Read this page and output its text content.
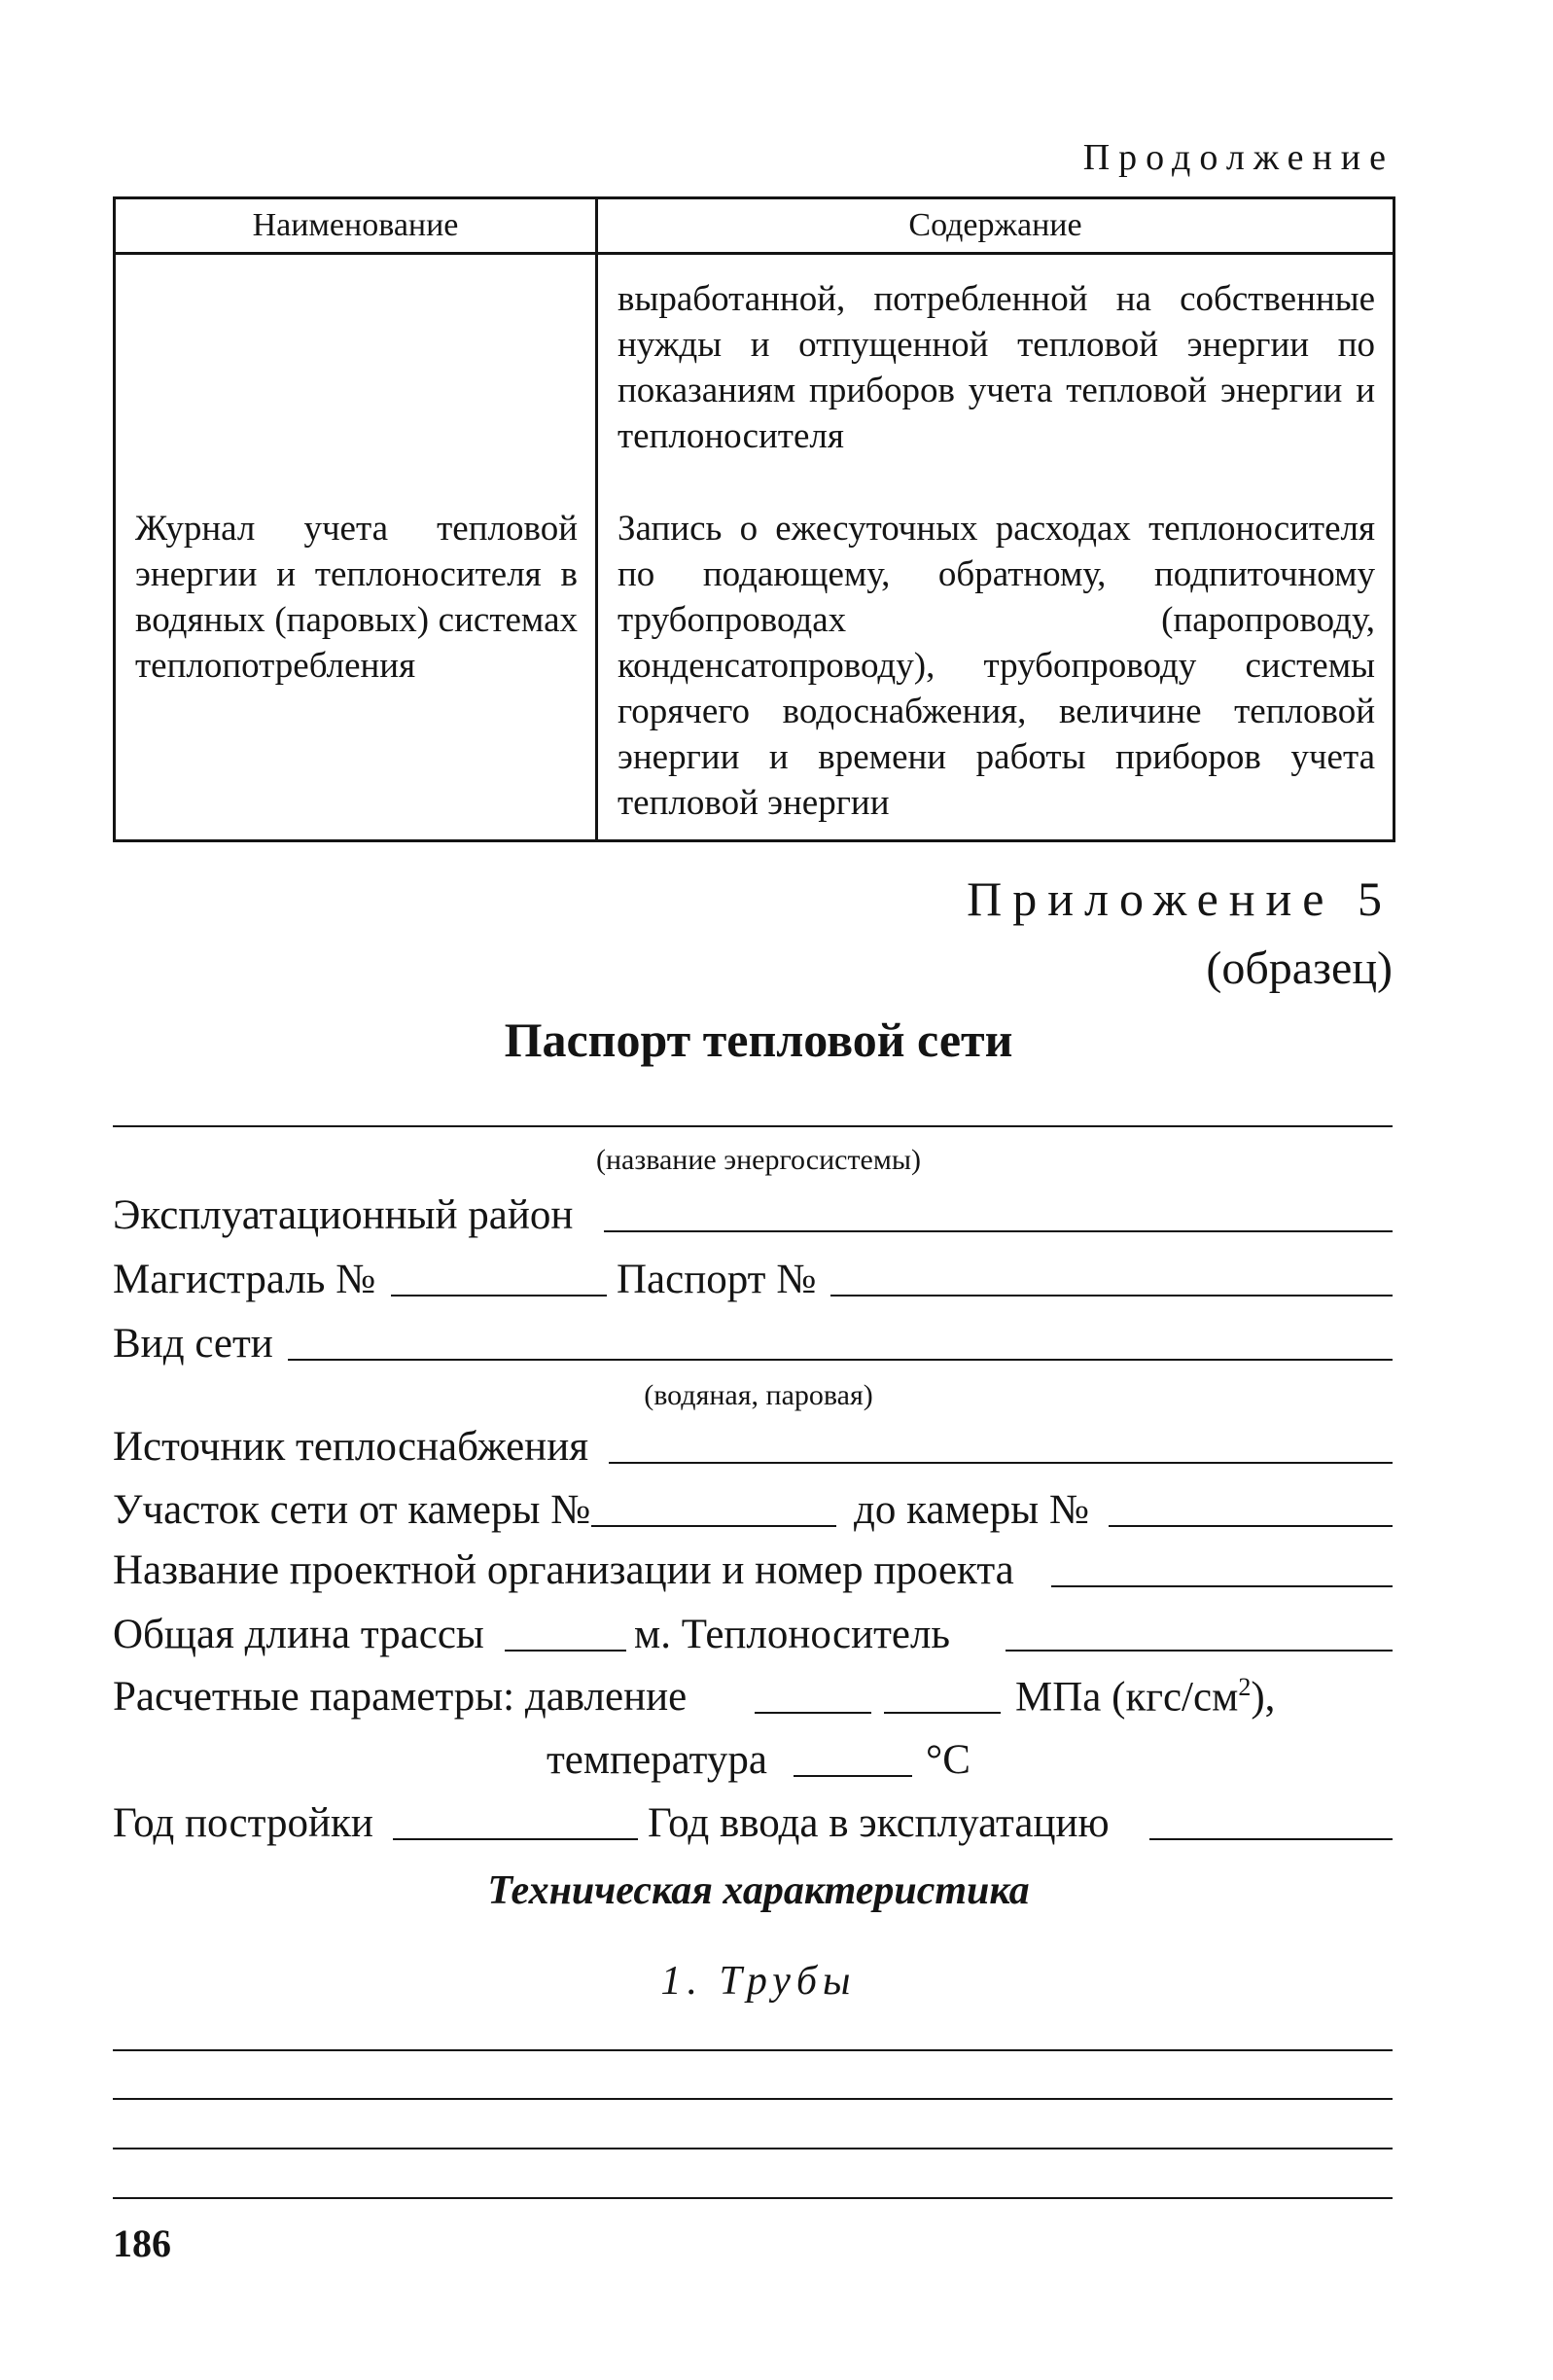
Продолжение
Наименование	Содержание
	выработанной, потребленной на собственные нужды и отпущенной тепловой энергии по показаниям приборов учета тепловой энергии и теплоносителя
Журнал учета тепловой энергии и теплоносителя в водяных (паровых) системах теплопотребления	Запись о ежесуточных расходах теплоносителя по подающему, обратному, подпиточному трубопроводах (паропроводу, конденсатопроводу), трубопроводу системы горячего водоснабжения, величине тепловой энергии и времени работы приборов учета тепловой энергии
Приложение 5
(образец)
Паспорт тепловой сети
(название энергосистемы)
Эксплуатационный район
Магистраль №	Паспорт №
Вид сети
(водяная, паровая)
Источник теплоснабжения
Участок сети от камеры №	до камеры №
Название проектной организации и номер проекта
Общая длина трассы	м. Теплоноситель
Расчетные параметры: давление	МПа $(кгс/см^2)$,
температура	°С
Год постройки	Год ввода в эксплуатацию
Техническая характеристика
1. Трубы
186
